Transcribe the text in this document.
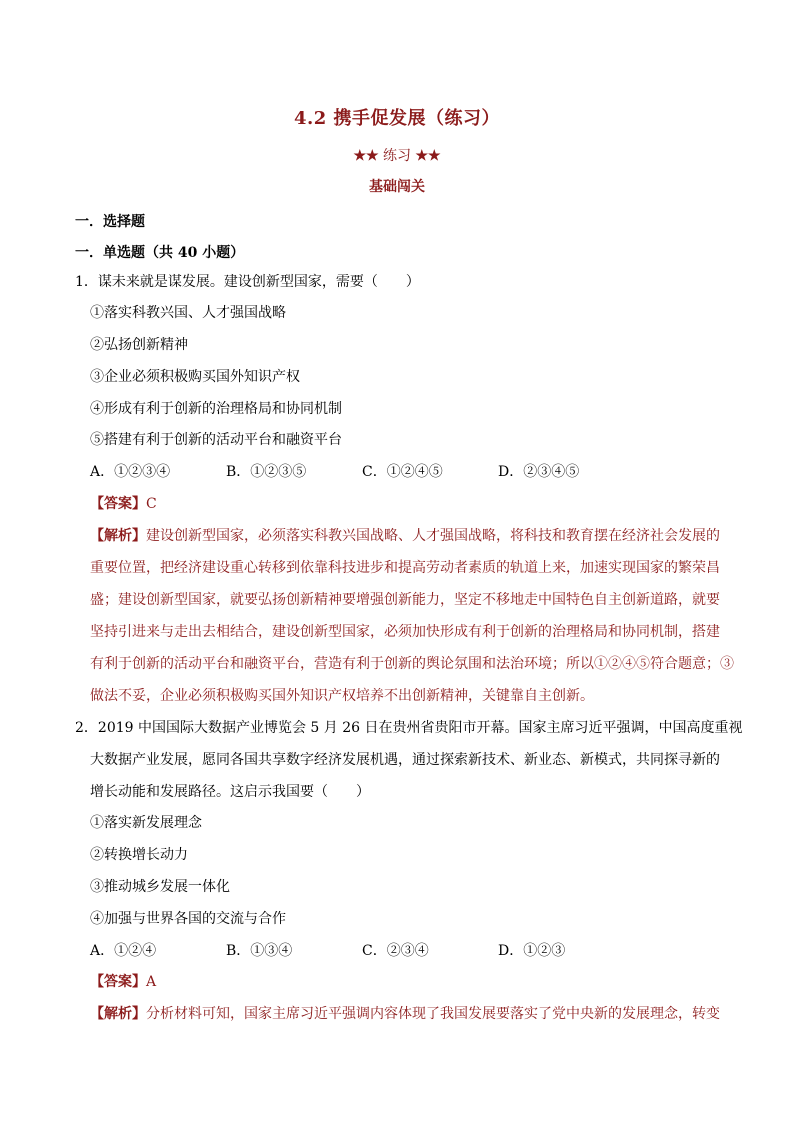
4.2 携手促发展（练习）
★★ 练习 ★★
基础闯关
一．选择题
一．单选题（共 40 小题）
1．谋未来就是谋发展。建设创新型国家，需要（　　）
①落实科教兴国、人才强国战略
②弘扬创新精神
③企业必须积极购买国外知识产权
④形成有利于创新的治理格局和协同机制
⑤搭建有利于创新的活动平台和融资平台
A．①②③④	B．①②③⑤	C．①②④⑤	D．②③④⑤
【答案】C
【解析】建设创新型国家，必须落实科教兴国战略、人才强国战略，将科技和教育摆在经济社会发展的
重要位置，把经济建设重心转移到依靠科技进步和提高劳动者素质的轨道上来，加速实现国家的繁荣昌
盛；建设创新型国家，就要弘扬创新精神要增强创新能力，坚定不移地走中国特色自主创新道路，就要
坚持引进来与走出去相结合，建设创新型国家，必须加快形成有利于创新的治理格局和协同机制，搭建
有利于创新的活动平台和融资平台，营造有利于创新的舆论氛围和法治环境；所以①②④⑤符合题意；③
做法不妥，企业必须积极购买国外知识产权培养不出创新精神，关键靠自主创新。
2．2019 中国国际大数据产业博览会 5 月 26 日在贵州省贵阳市开幕。国家主席习近平强调，中国高度重视
大数据产业发展，愿同各国共享数字经济发展机遇，通过探索新技术、新业态、新模式，共同探寻新的
增长动能和发展路径。这启示我国要（　　）
①落实新发展理念
②转换增长动力
③推动城乡发展一体化
④加强与世界各国的交流与合作
A．①②④	B．①③④	C．②③④	D．①②③
【答案】A
【解析】分析材料可知，国家主席习近平强调内容体现了我国发展要落实了党中央新的发展理念，转变
